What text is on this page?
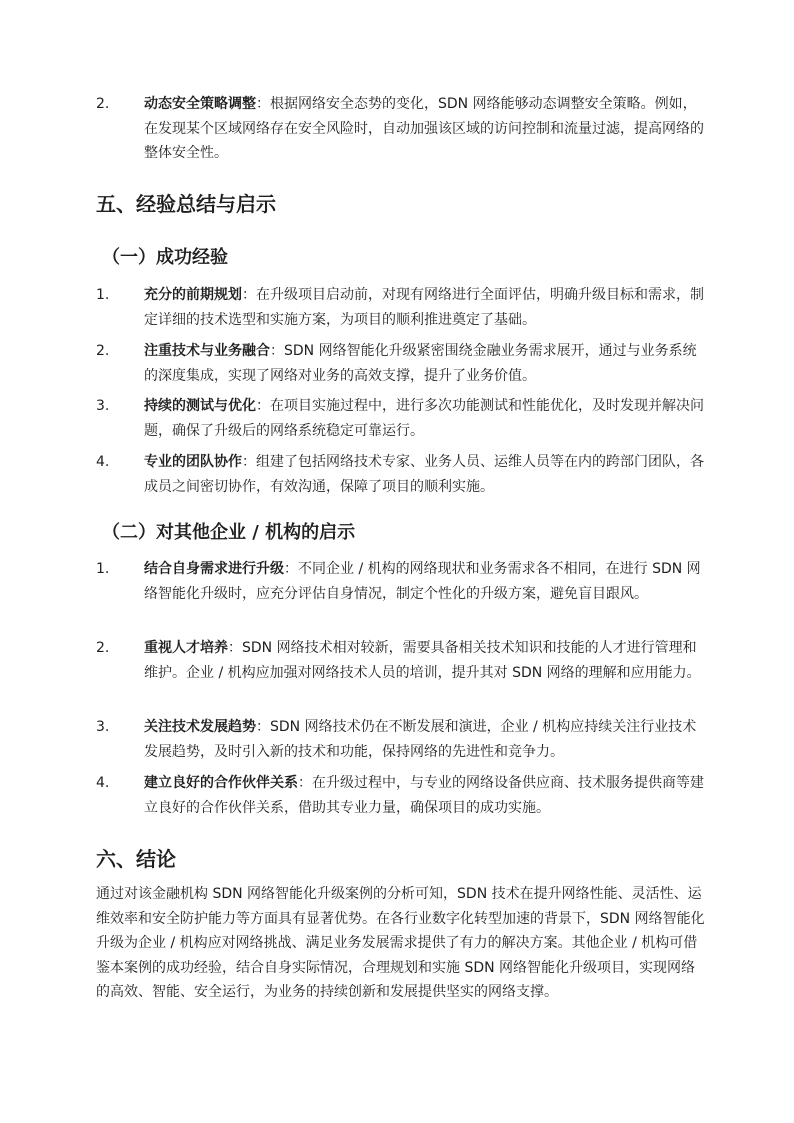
2. 动态安全策略调整：根据网络安全态势的变化，SDN 网络能够动态调整安全策略。例如，在发现某个区域网络存在安全风险时，自动加强该区域的访问控制和流量过滤，提高网络的整体安全性。
五、经验总结与启示
（一）成功经验
1. 充分的前期规划：在升级项目启动前，对现有网络进行全面评估，明确升级目标和需求，制定详细的技术选型和实施方案，为项目的顺利推进奠定了基础。
2. 注重技术与业务融合：SDN 网络智能化升级紧密围绕金融业务需求展开，通过与业务系统的深度集成，实现了网络对业务的高效支撑，提升了业务价值。
3. 持续的测试与优化：在项目实施过程中，进行多次功能测试和性能优化，及时发现并解决问题，确保了升级后的网络系统稳定可靠运行。
4. 专业的团队协作：组建了包括网络技术专家、业务人员、运维人员等在内的跨部门团队，各成员之间密切协作，有效沟通，保障了项目的顺利实施。
（二）对其他企业 / 机构的启示
1. 结合自身需求进行升级：不同企业 / 机构的网络现状和业务需求各不相同，在进行 SDN 网络智能化升级时，应充分评估自身情况，制定个性化的升级方案，避免盲目跟风。
2. 重视人才培养：SDN 网络技术相对较新，需要具备相关技术知识和技能的人才进行管理和维护。企业 / 机构应加强对网络技术人员的培训，提升其对 SDN 网络的理解和应用能力。
3. 关注技术发展趋势：SDN 网络技术仍在不断发展和演进，企业 / 机构应持续关注行业技术发展趋势，及时引入新的技术和功能，保持网络的先进性和竞争力。
4. 建立良好的合作伙伴关系：在升级过程中，与专业的网络设备供应商、技术服务提供商等建立良好的合作伙伴关系，借助其专业力量，确保项目的成功实施。
六、结论
通过对该金融机构 SDN 网络智能化升级案例的分析可知，SDN 技术在提升网络性能、灵活性、运维效率和安全防护能力等方面具有显著优势。在各行业数字化转型加速的背景下，SDN 网络智能化升级为企业 / 机构应对网络挑战、满足业务发展需求提供了有力的解决方案。其他企业 / 机构可借鉴本案例的成功经验，结合自身实际情况，合理规划和实施 SDN 网络智能化升级项目，实现网络的高效、智能、安全运行，为业务的持续创新和发展提供坚实的网络支撑。
